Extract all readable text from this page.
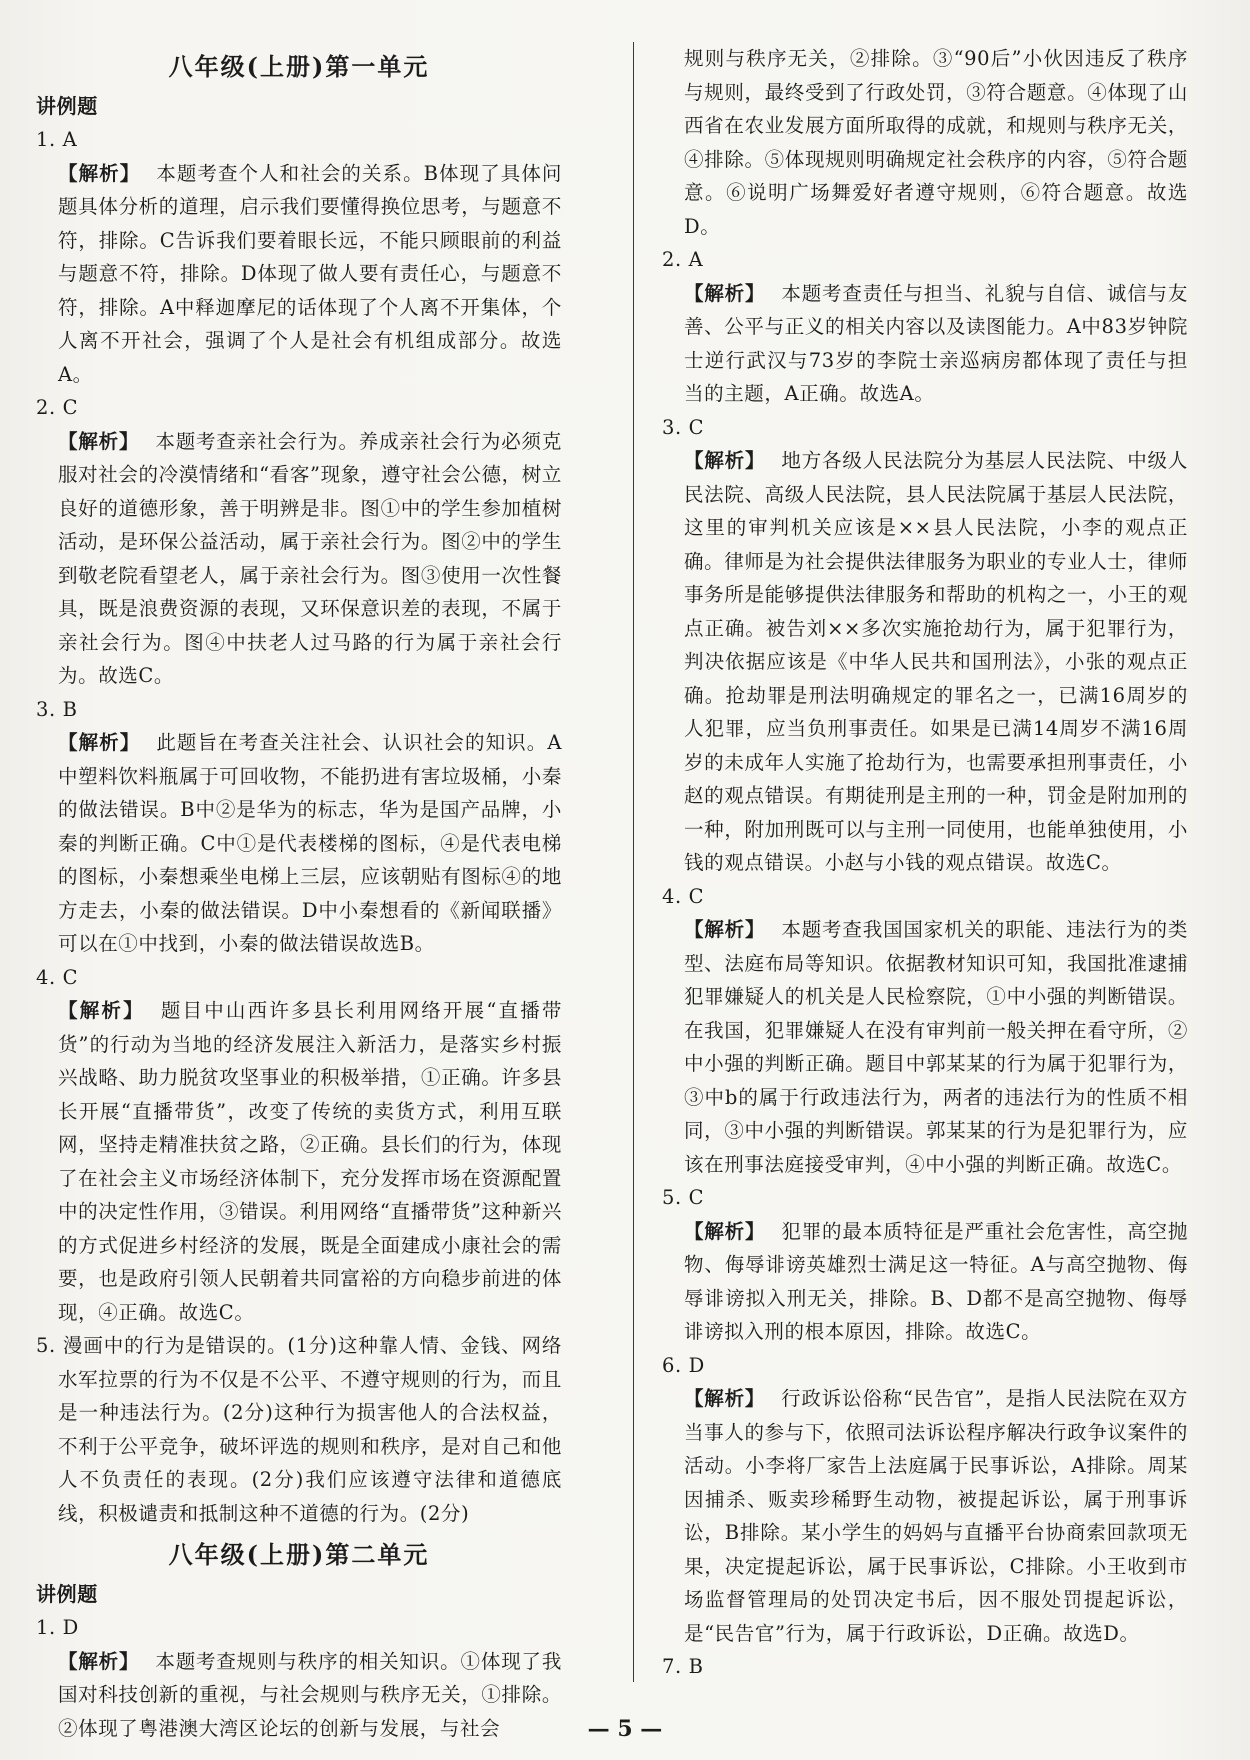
八年级(上册)第一单元
讲例题
1. A

【解析】 本题考查个人和社会的关系。B体现了具体问题具体分析的道理，启示我们要懂得换位思考，与题意不符，排除。C告诉我们要着眼长远，不能只顾眼前的利益与题意不符，排除。D体现了做人要有责任心，与题意不符，排除。A中释迦摩尼的话体现了个人离不开集体，个人离不开社会，强调了个人是社会有机组成部分。故选A。

2. C

【解析】 本题考查亲社会行为。养成亲社会行为必须克服对社会的冷漠情绪和“看客”现象，遵守社会公德，树立良好的道德形象，善于明辨是非。图①中的学生参加植树活动，是环保公益活动，属于亲社会行为。图②中的学生到敬老院看望老人，属于亲社会行为。图③使用一次性餐具，既是浪费资源的表现，又环保意识差的表现，不属于亲社会行为。图④中扶老人过马路的行为属于亲社会行为。故选C。

3. B

【解析】 此题旨在考查关注社会、认识社会的知识。A中塑料饮料瓶属于可回收物，不能扔进有害垃圾桶，小秦的做法错误。B中②是华为的标志，华为是国产品牌，小秦的判断正确。C中①是代表楼梯的图标，④是代表电梯的图标，小秦想乘坐电梯上三层，应该朝贴有图标④的地方走去，小秦的做法错误。D中小秦想看的《新闻联播》可以在①中找到，小秦的做法错误故选B。

4. C

【解析】 题目中山西许多县长利用网络开展“直播带货”的行动为当地的经济发展注入新活力，是落实乡村振兴战略、助力脱贫攻坚事业的积极举措，①正确。许多县长开展“直播带货”，改变了传统的卖货方式，利用互联网，坚持走精准扶贫之路，②正确。县长们的行为，体现了在社会主义市场经济体制下，充分发挥市场在资源配置中的决定性作用，③错误。利用网络“直播带货”这种新兴的方式促进乡村经济的发展，既是全面建成小康社会的需要，也是政府引领人民朝着共同富裕的方向稳步前进的体现，④正确。故选C。

5. 漫画中的行为是错误的。(1分)这种靠人情、金钱、网络水军拉票的行为不仅是不公平、不遵守规则的行为，而且是一种违法行为。(2分)这种行为损害他人的合法权益，不利于公平竞争，破坏评选的规则和秩序，是对自己和他人不负责任的表现。(2分)我们应该遵守法律和道德底线，积极谴责和抵制这种不道德的行为。(2分)

八年级(上册)第二单元
讲例题
1. D

【解析】 本题考查规则与秩序的相关知识。①体现了我国对科技创新的重视，与社会规则与秩序无关，①排除。②体现了粤港澳大湾区论坛的创新与发展，与社会

规则与秩序无关，②排除。③“90后”小伙因违反了秩序与规则，最终受到了行政处罚，③符合题意。④体现了山西省在农业发展方面所取得的成就，和规则与秩序无关，④排除。⑤体现规则明确规定社会秩序的内容，⑤符合题意。⑥说明广场舞爱好者遵守规则，⑥符合题意。故选D。

2. A

【解析】 本题考查责任与担当、礼貌与自信、诚信与友善、公平与正义的相关内容以及读图能力。A中83岁钟院士逆行武汉与73岁的李院士亲巡病房都体现了责任与担当的主题，A正确。故选A。

3. C

【解析】 地方各级人民法院分为基层人民法院、中级人民法院、高级人民法院，县人民法院属于基层人民法院，这里的审判机关应该是××县人民法院，小李的观点正确。律师是为社会提供法律服务为职业的专业人士，律师事务所是能够提供法律服务和帮助的机构之一，小王的观点正确。被告刘××多次实施抢劫行为，属于犯罪行为，判决依据应该是《中华人民共和国刑法》，小张的观点正确。抢劫罪是刑法明确规定的罪名之一，已满16周岁的人犯罪，应当负刑事责任。如果是已满14周岁不满16周岁的未成年人实施了抢劫行为，也需要承担刑事责任，小赵的观点错误。有期徒刑是主刑的一种，罚金是附加刑的一种，附加刑既可以与主刑一同使用，也能单独使用，小钱的观点错误。小赵与小钱的观点错误。故选C。

4. C

【解析】 本题考查我国国家机关的职能、违法行为的类型、法庭布局等知识。依据教材知识可知，我国批准逮捕犯罪嫌疑人的机关是人民检察院，①中小强的判断错误。在我国，犯罪嫌疑人在没有审判前一般关押在看守所，②中小强的判断正确。题目中郭某某的行为属于犯罪行为，③中b的属于行政违法行为，两者的违法行为的性质不相同，③中小强的判断错误。郭某某的行为是犯罪行为，应该在刑事法庭接受审判，④中小强的判断正确。故选C。

5. C

【解析】 犯罪的最本质特征是严重社会危害性，高空抛物、侮辱诽谤英雄烈士满足这一特征。A与高空抛物、侮辱诽谤拟入刑无关，排除。B、D都不是高空抛物、侮辱诽谤拟入刑的根本原因，排除。故选C。

6. D

【解析】 行政诉讼俗称“民告官”，是指人民法院在双方当事人的参与下，依照司法诉讼程序解决行政争议案件的活动。小李将厂家告上法庭属于民事诉讼，A排除。周某因捕杀、贩卖珍稀野生动物，被提起诉讼，属于刑事诉讼，B排除。某小学生的妈妈与直播平台协商索回款项无果，决定提起诉讼，属于民事诉讼，C排除。小王收到市场监督管理局的处罚决定书后，因不服处罚提起诉讼，是“民告官”行为，属于行政诉讼，D正确。故选D。

7. B
— 5 —
